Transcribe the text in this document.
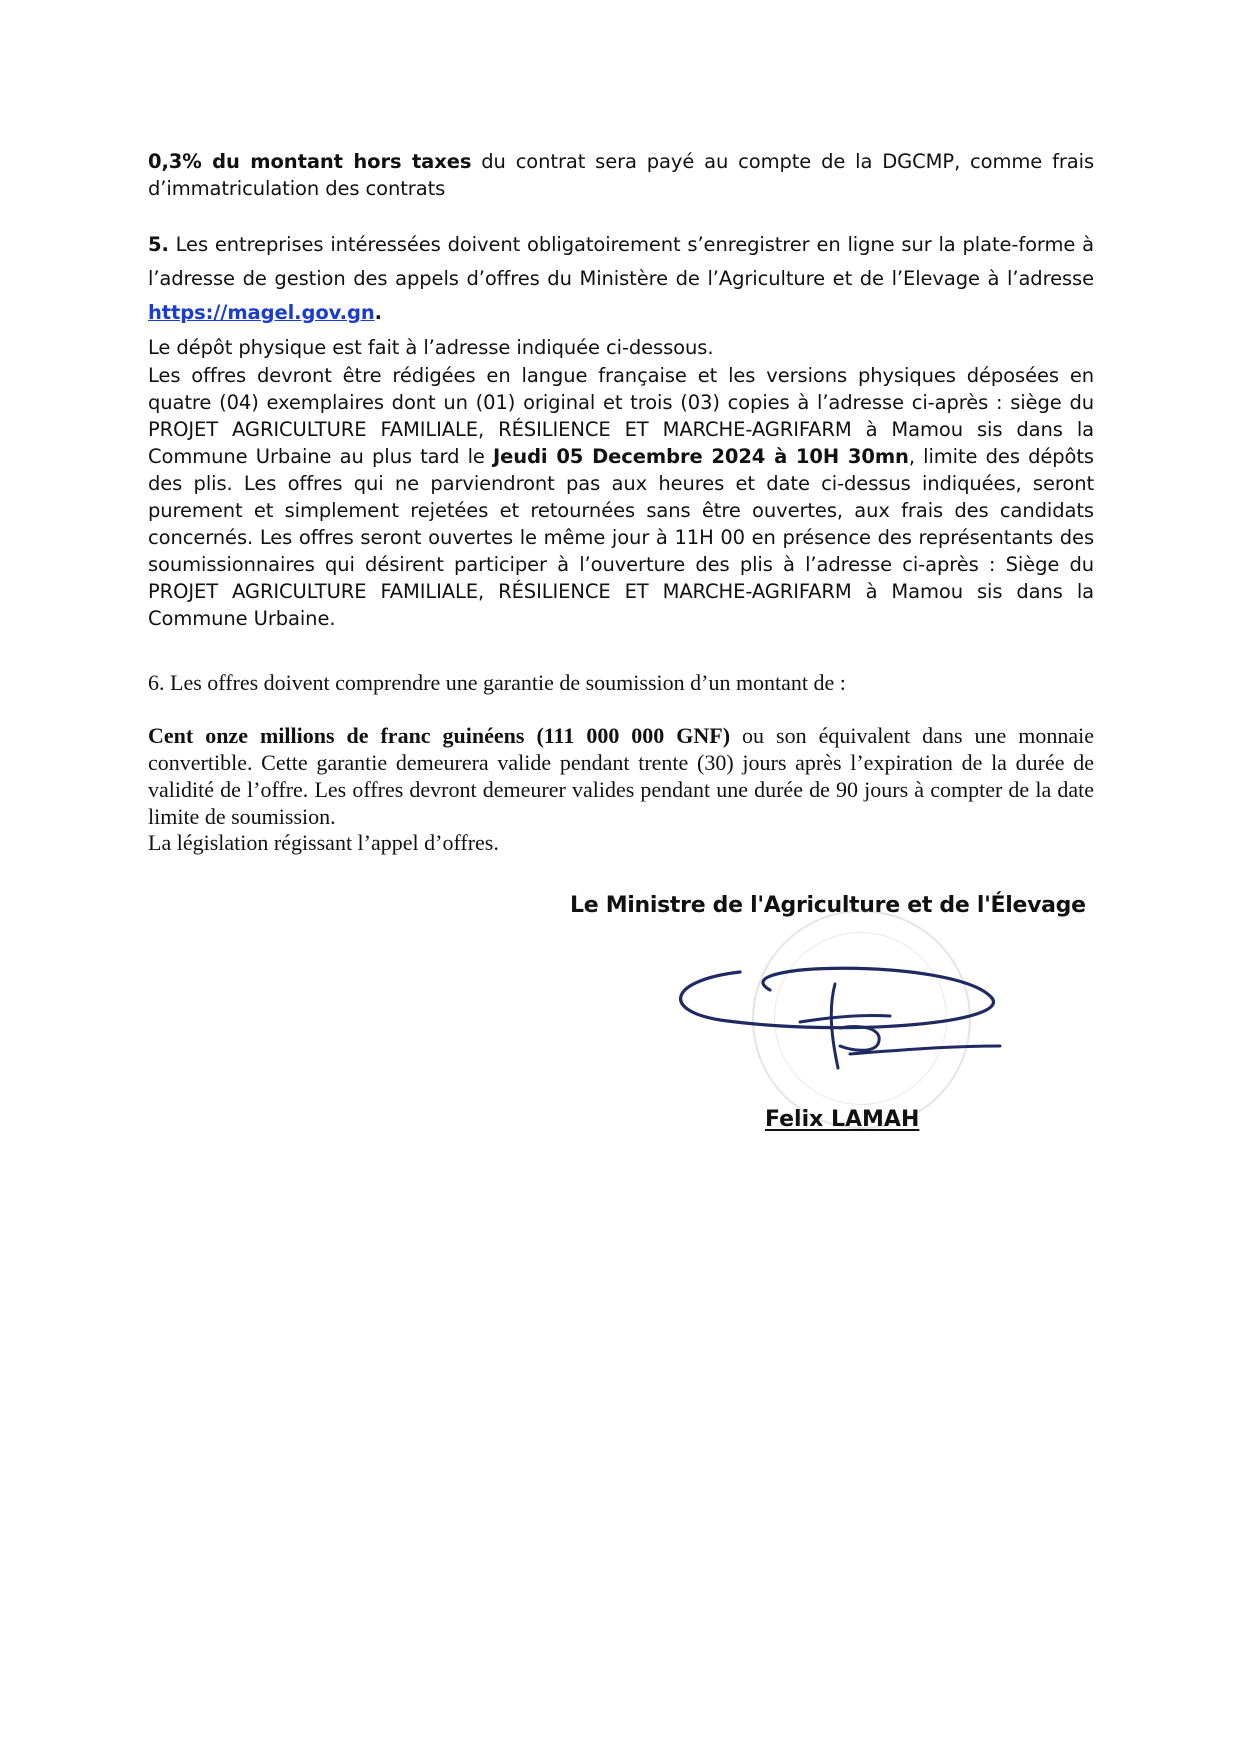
0,3% du montant hors taxes du contrat sera payé au compte de la DGCMP, comme frais d’immatriculation des contrats

5. Les entreprises intéressées doivent obligatoirement s’enregistrer en ligne sur la plate-forme à l’adresse de gestion des appels d’offres du Ministère de l’Agriculture et de l’Elevage à l’adresse https://magel.gov.gn.

Le dépôt physique est fait à l’adresse indiquée ci-dessous.

Les offres devront être rédigées en langue française et les versions physiques déposées en quatre (04) exemplaires dont un (01) original et trois (03) copies à l’adresse ci-après : siège du PROJET AGRICULTURE FAMILIALE, RÉSILIENCE ET MARCHE-AGRIFARM à Mamou sis dans la Commune Urbaine au plus tard le Jeudi 05 Decembre 2024 à 10H 30mn, limite des dépôts des plis. Les offres qui ne parviendront pas aux heures et date ci-dessus indiquées, seront purement et simplement rejetées et retournées sans être ouvertes, aux frais des candidats concernés. Les offres seront ouvertes le même jour à 11H 00 en présence des représentants des soumissionnaires qui désirent participer à l’ouverture des plis à l’adresse ci-après : Siège du PROJET AGRICULTURE FAMILIALE, RÉSILIENCE ET MARCHE-AGRIFARM à Mamou sis dans la Commune Urbaine.

6. Les offres doivent comprendre une garantie de soumission d’un montant de :

Cent onze millions de franc guinéens (111 000 000 GNF) ou son équivalent dans une monnaie convertible. Cette garantie demeurera valide pendant trente (30) jours après l’expiration de la durée de validité de l’offre. Les offres devront demeurer valides pendant une durée de 90 jours à compter de la date limite de soumission.

La législation régissant l’appel d’offres.

Le Ministre de l'Agriculture et de l'Élevage
Felix LAMAH
